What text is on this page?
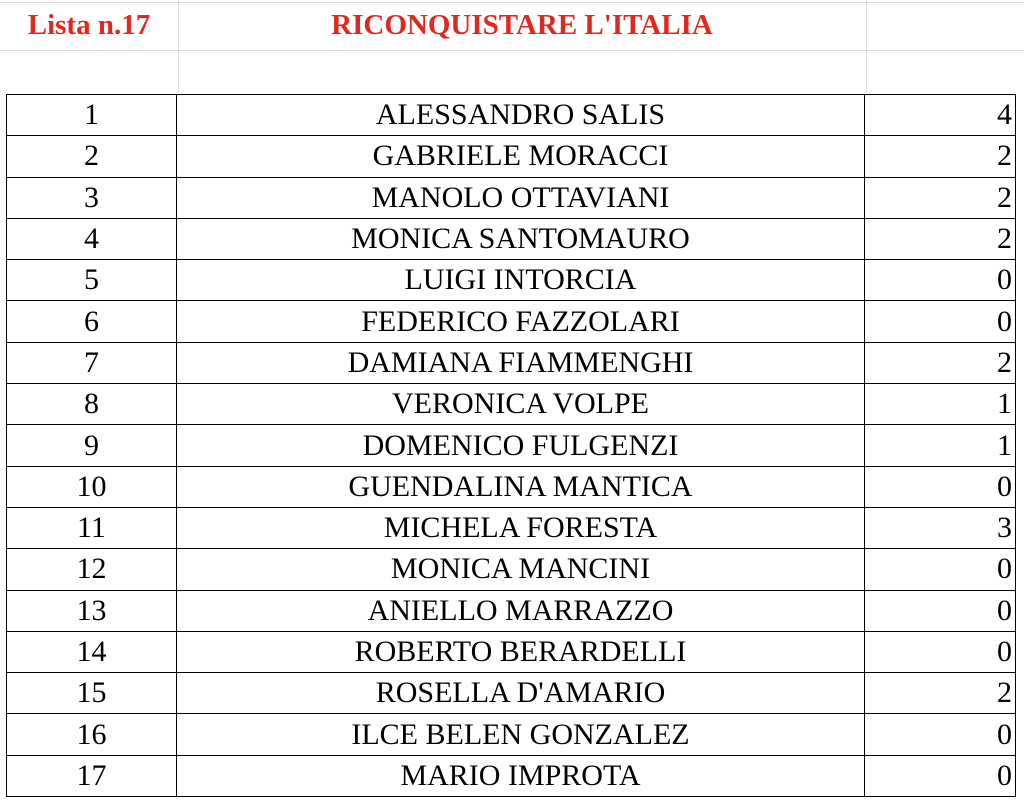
Lista n.17	RICONQUISTARE L'ITALIA
1	ALESSANDRO SALIS	4
2	GABRIELE MORACCI	2
3	MANOLO OTTAVIANI	2
4	MONICA SANTOMAURO	2
5	LUIGI INTORCIA	0
6	FEDERICO FAZZOLARI	0
7	DAMIANA FIAMMENGHI	2
8	VERONICA VOLPE	1
9	DOMENICO FULGENZI	1
10	GUENDALINA MANTICA	0
11	MICHELA FORESTA	3
12	MONICA MANCINI	0
13	ANIELLO MARRAZZO	0
14	ROBERTO BERARDELLI	0
15	ROSELLA D'AMARIO	2
16	ILCE BELEN GONZALEZ	0
17	MARIO IMPROTA	0
